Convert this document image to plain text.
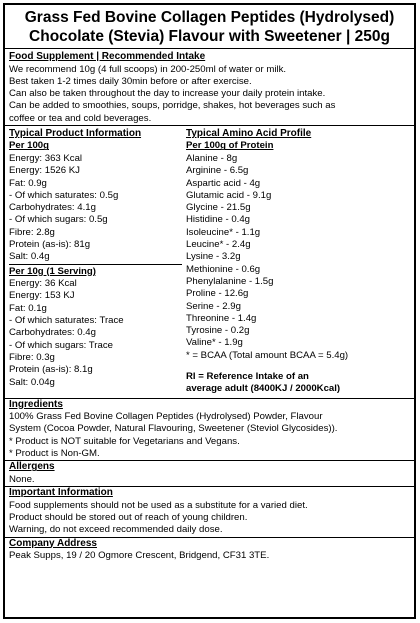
Grass Fed Bovine Collagen Peptides (Hydrolysed)
Chocolate (Stevia) Flavour with Sweetener | 250g
Food Supplement | Recommended Intake
We recommend 10g (4 full scoops) in 200-250ml of water or milk.
Best taken 1-2 times daily 30min before or after exercise.
Can also be taken throughout the day to increase your daily protein intake.
Can be added to smoothies, soups, porridge, shakes, hot beverages such as
coffee or tea and cold beverages.
Typical Product Information
Per 100g
Energy: 363 Kcal
Energy: 1526 KJ
Fat: 0.9g
- Of which saturates: 0.5g
Carbohydrates: 4.1g
- Of which sugars: 0.5g
Fibre: 2.8g
Protein (as-is): 81g
Salt: 0.4g
Per 10g (1 Serving)
Energy: 36 Kcal
Energy: 153 KJ
Fat: 0.1g
- Of which saturates: Trace
Carbohydrates: 0.4g
- Of which sugars: Trace
Fibre: 0.3g
Protein (as-is): 8.1g
Salt: 0.04g
Typical Amino Acid Profile
Per 100g of Protein
Alanine - 8g
Arginine - 6.5g
Aspartic acid - 4g
Glutamic acid - 9.1g
Glycine - 21.5g
Histidine - 0.4g
Isoleucine* - 1.1g
Leucine* - 2.4g
Lysine - 3.2g
Methionine - 0.6g
Phenylalanine - 1.5g
Proline - 12.6g
Serine - 2.9g
Threonine - 1.4g
Tyrosine - 0.2g
Valine* - 1.9g
* = BCAA (Total amount BCAA = 5.4g)
RI = Reference Intake of an
average adult (8400KJ / 2000Kcal)
Ingredients
100% Grass Fed Bovine Collagen Peptides (Hydrolysed) Powder, Flavour
System (Cocoa Powder, Natural Flavouring, Sweetener (Steviol Glycosides)).
* Product is NOT suitable for Vegetarians and Vegans.
* Product is Non-GM.
Allergens
None.
Important Information
Food supplements should not be used as a substitute for a varied diet.
Product should be stored out of reach of young children.
Warning, do not exceed recommended daily dose.
Company Address
Peak Supps, 19 / 20 Ogmore Crescent, Bridgend, CF31 3TE.
